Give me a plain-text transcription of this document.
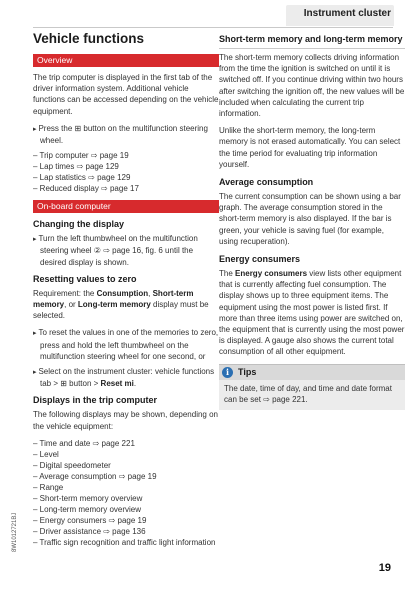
Instrument cluster
Vehicle functions
Overview
The trip computer is displayed in the first tab of the driver information system. Additional vehicle functions can be accessed depending on the vehicle equipment.
▸ Press the ⊞ button on the multifunction steering wheel.
– Trip computer ⇨ page 19
– Lap times ⇨ page 129
– Lap statistics ⇨ page 129
– Reduced display ⇨ page 17
On-board computer
Changing the display
▸ Turn the left thumbwheel on the multifunction steering wheel ② ⇨ page 16, fig. 6 until the desired display is shown.
Resetting values to zero
Requirement: the Consumption, Short-term memory, or Long-term memory display must be selected.
▸ To reset the values in one of the memories to zero, press and hold the left thumbwheel on the multifunction steering wheel for one second, or
▸ Select on the instrument cluster: vehicle functions tab > ⊞ button > Reset mi.
Displays in the trip computer
The following displays may be shown, depending on the vehicle equipment:
– Time and date ⇨ page 221
– Level
– Digital speedometer
– Average consumption ⇨ page 19
– Range
– Short-term memory overview
– Long-term memory overview
– Energy consumers ⇨ page 19
– Driver assistance ⇨ page 136
– Traffic sign recognition and traffic light information
Short-term memory and long-term memory
The short-term memory collects driving information from the time the ignition is switched on until it is switched off. If you continue driving within two hours after switching the ignition off, the new values will be included when calculating the current trip information.
Unlike the short-term memory, the long-term memory is not erased automatically. You can select the time period for evaluating trip information yourself.
Average consumption
The current consumption can be shown using a bar graph. The average consumption stored in the short-term memory is also displayed. If the bar is green, your vehicle is saving fuel (for example, using recuperation).
Energy consumers
The Energy consumers view lists other equipment that is currently affecting fuel consumption. The display shows up to three equipment items. The equipment using the most power is listed first. If more than three items using power are switched on, the equipment that is currently using the most power is displayed. A gauge also shows the current total consumption of all other equipment.
i Tips
The date, time of day, and time and date format can be set ⇨ page 221.
8W1012721BJ
19
